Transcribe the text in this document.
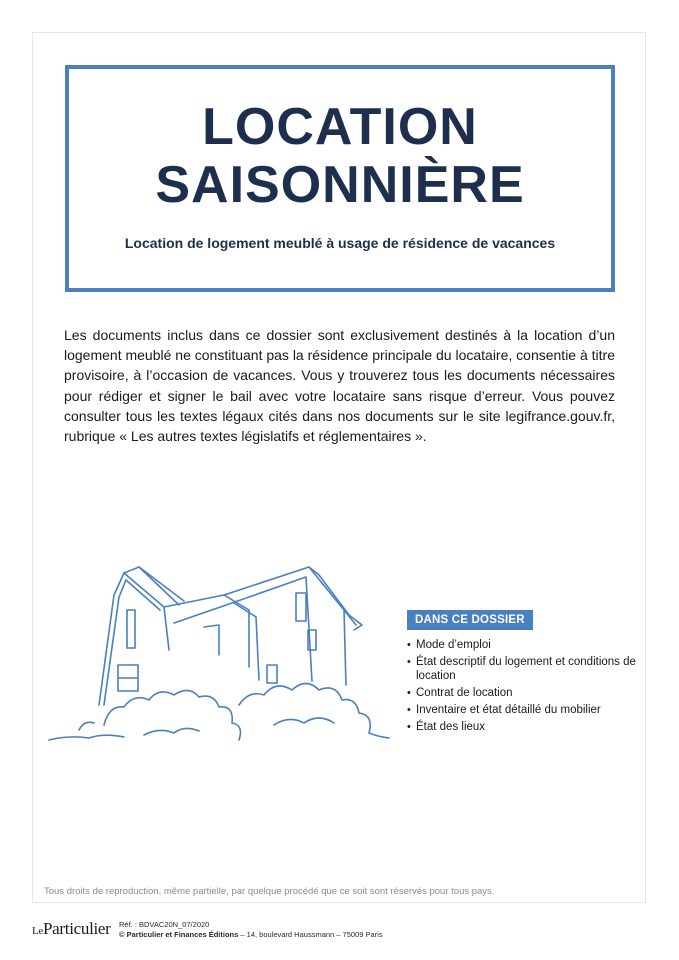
LOCATION
SAISONNIÈRE
Location de logement meublé à usage de résidence de vacances
Les documents inclus dans ce dossier sont exclusivement destinés à la location d’un logement meublé ne constituant pas la résidence principale du locataire, consentie à titre provisoire, à l’occasion de vacances. Vous y trouverez tous les documents nécessaires pour rédiger et signer le bail avec votre locataire sans risque d’erreur. Vous pouvez consulter tous les textes légaux cités dans nos documents sur le site legifrance.gouv.fr, rubrique « Les autres textes législatifs et réglementaires ».
DANS CE DOSSIER
• Mode d’emploi
• État descriptif du logement et conditions de location
• Contrat de location
• Inventaire et état détaillé du mobilier
• État des lieux
Tous droits de reproduction, même partielle, par quelque procédé que ce soit sont réservés pour tous pays.
LeParticulier Réf. : BDVAC20N_07/2020
© Particulier et Finances Éditions – 14, boulevard Haussmann – 75009 Paris
